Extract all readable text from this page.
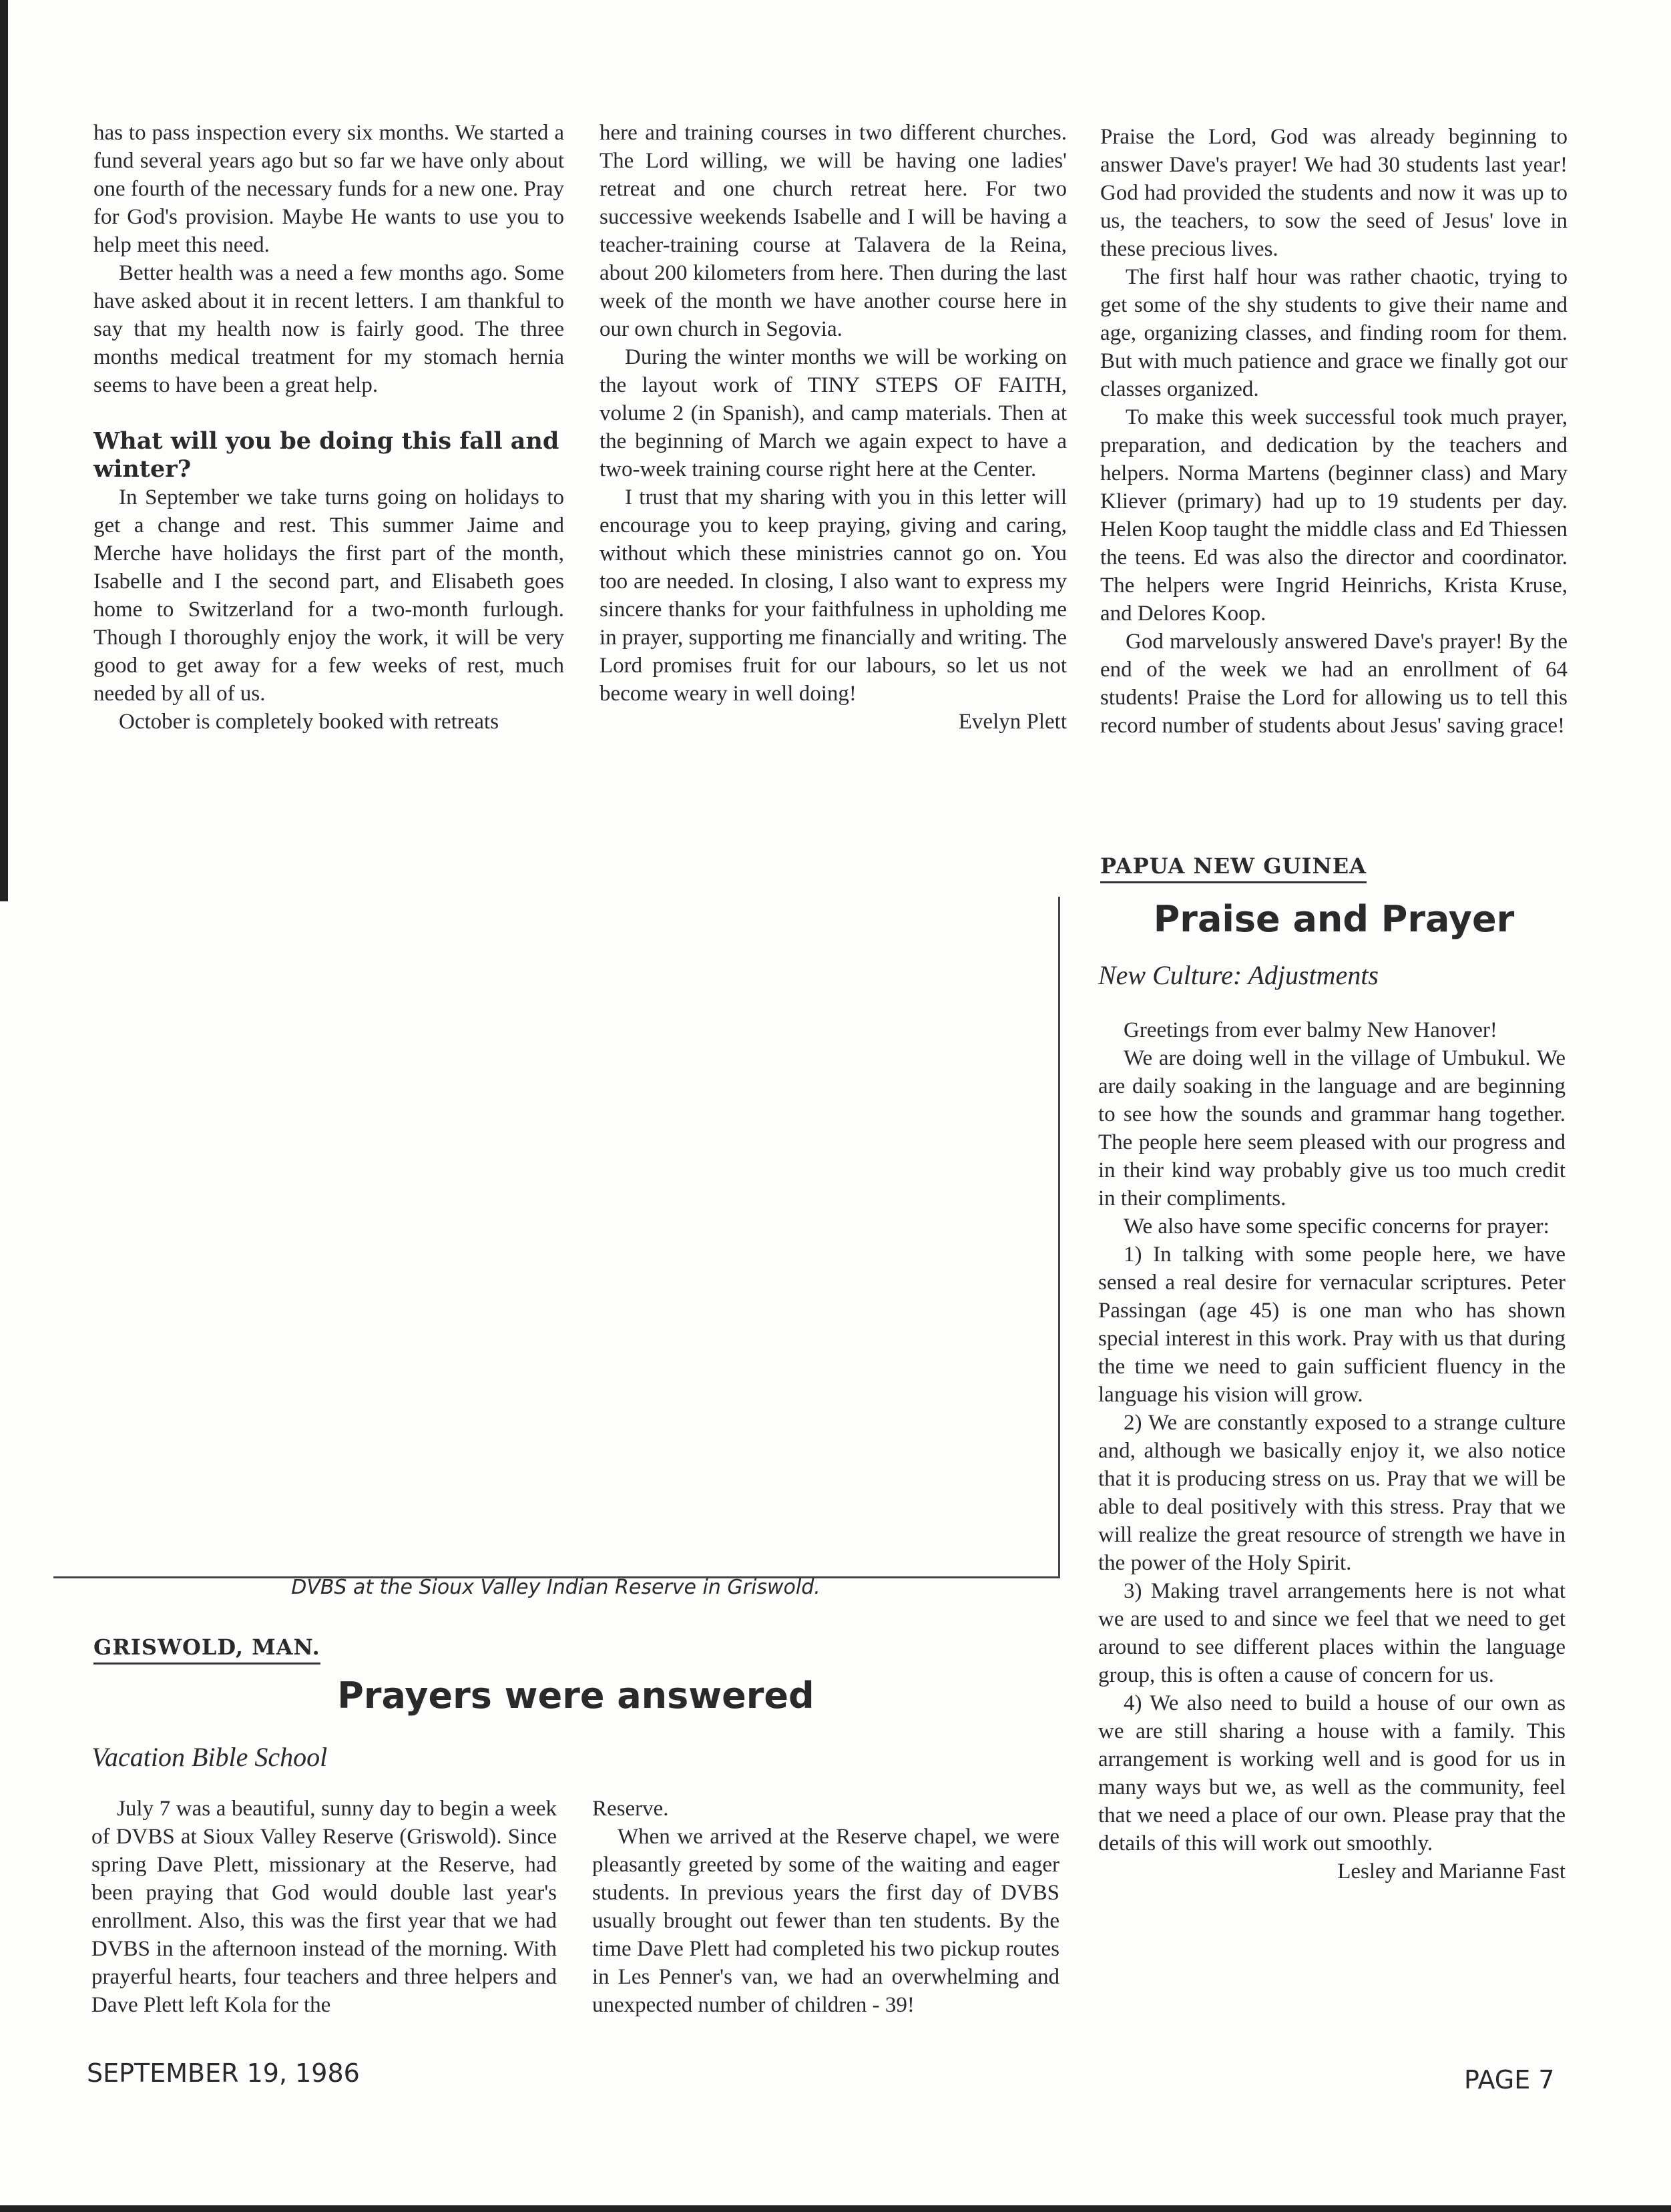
has to pass inspection every six months. We started a fund several years ago but so far we have only about one fourth of the necessary funds for a new one. Pray for God's provision. Maybe He wants to use you to help meet this need.

Better health was a need a few months ago. Some have asked about it in recent letters. I am thankful to say that my health now is fairly good. The three months medical treatment for my stomach hernia seems to have been a great help.

What will you be doing this fall and winter?

In September we take turns going on holidays to get a change and rest. This summer Jaime and Merche have holidays the first part of the month, Isabelle and I the second part, and Elisabeth goes home to Switzerland for a two-month furlough. Though I thoroughly enjoy the work, it will be very good to get away for a few weeks of rest, much needed by all of us.

October is completely booked with retreats

here and training courses in two different churches. The Lord willing, we will be having one ladies' retreat and one church retreat here. For two successive weekends Isabelle and I will be having a teacher-training course at Talavera de la Reina, about 200 kilometers from here. Then during the last week of the month we have another course here in our own church in Segovia.

During the winter months we will be working on the layout work of TINY STEPS OF FAITH, volume 2 (in Spanish), and camp materials. Then at the beginning of March we again expect to have a two-week training course right here at the Center.

I trust that my sharing with you in this letter will encourage you to keep praying, giving and caring, without which these ministries cannot go on. You too are needed. In closing, I also want to express my sincere thanks for your faithfulness in upholding me in prayer, supporting me financially and writing. The Lord promises fruit for our labours, so let us not become weary in well doing!

Evelyn Plett

Praise the Lord, God was already beginning to answer Dave's prayer! We had 30 students last year! God had provided the students and now it was up to us, the teachers, to sow the seed of Jesus' love in these precious lives.

The first half hour was rather chaotic, trying to get some of the shy students to give their name and age, organizing classes, and finding room for them. But with much patience and grace we finally got our classes organized.

To make this week successful took much prayer, preparation, and dedication by the teachers and helpers. Norma Martens (beginner class) and Mary Kliever (primary) had up to 19 students per day. Helen Koop taught the middle class and Ed Thiessen the teens. Ed was also the director and coordinator. The helpers were Ingrid Heinrichs, Krista Kruse, and Delores Koop.

God marvelously answered Dave's prayer! By the end of the week we had an enrollment of 64 students! Praise the Lord for allowing us to tell this record number of students about Jesus' saving grace!

PAPUA NEW GUINEA
Praise and Prayer
New Culture: Adjustments

Greetings from ever balmy New Hanover!

We are doing well in the village of Umbukul. We are daily soaking in the language and are beginning to see how the sounds and grammar hang together. The people here seem pleased with our progress and in their kind way probably give us too much credit in their compliments.

We also have some specific concerns for prayer:

1) In talking with some people here, we have sensed a real desire for vernacular scriptures. Peter Passingan (age 45) is one man who has shown special interest in this work. Pray with us that during the time we need to gain sufficient fluency in the language his vision will grow.

2) We are constantly exposed to a strange culture and, although we basically enjoy it, we also notice that it is producing stress on us. Pray that we will be able to deal positively with this stress. Pray that we will realize the great resource of strength we have in the power of the Holy Spirit.

3) Making travel arrangements here is not what we are used to and since we feel that we need to get around to see different places within the language group, this is often a cause of concern for us.

4) We also need to build a house of our own as we are still sharing a house with a family. This arrangement is working well and is good for us in many ways but we, as well as the community, feel that we need a place of our own. Please pray that the details of this will work out smoothly.

Lesley and Marianne Fast

DVBS at the Sioux Valley Indian Reserve in Griswold.
GRISWOLD, MAN.
Prayers were answered
Vacation Bible School

July 7 was a beautiful, sunny day to begin a week of DVBS at Sioux Valley Reserve (Griswold). Since spring Dave Plett, missionary at the Reserve, had been praying that God would double last year's enrollment. Also, this was the first year that we had DVBS in the afternoon instead of the morning. With prayerful hearts, four teachers and three helpers and Dave Plett left Kola for the

Reserve.

When we arrived at the Reserve chapel, we were pleasantly greeted by some of the waiting and eager students. In previous years the first day of DVBS usually brought out fewer than ten students. By the time Dave Plett had completed his two pickup routes in Les Penner's van, we had an overwhelming and unexpected number of children - 39!

SEPTEMBER 19, 1986	PAGE 7
